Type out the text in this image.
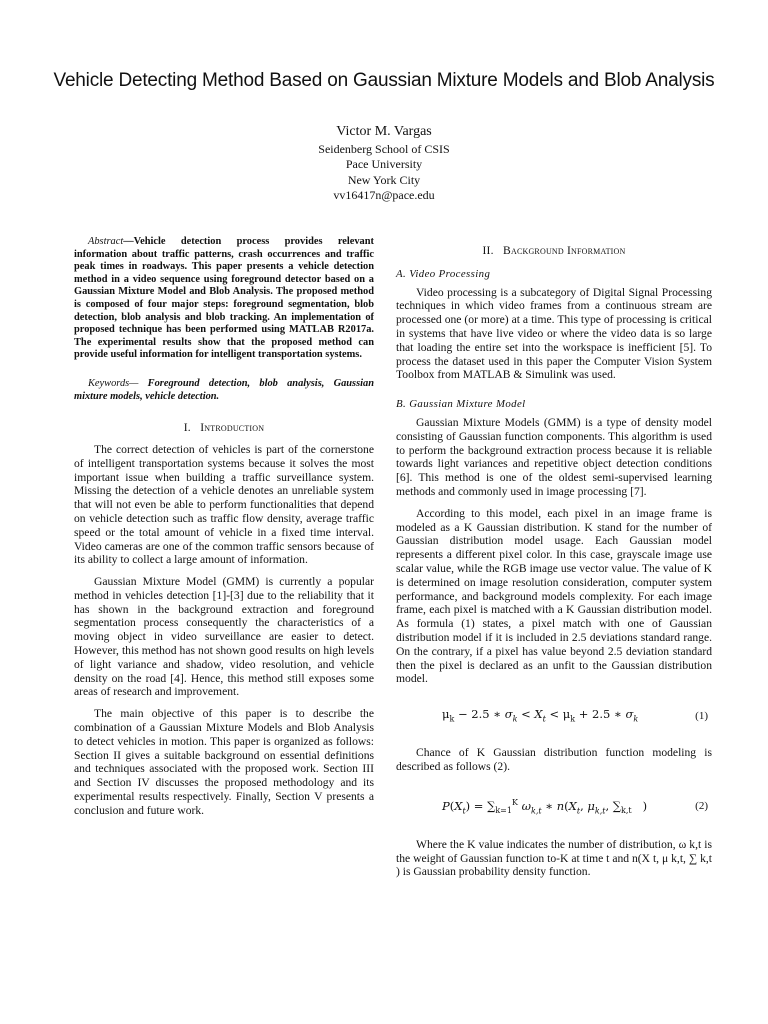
Vehicle Detecting Method Based on Gaussian Mixture Models and Blob Analysis
Victor M. Vargas
Seidenberg School of CSIS
Pace University
New York City
vv16417n@pace.edu

Abstract—Vehicle detection process provides relevant information about traffic patterns, crash occurrences and traffic peak times in roadways. This paper presents a vehicle detection method in a video sequence using foreground detector based on a Gaussian Mixture Model and Blob Analysis. The proposed method is composed of four major steps: foreground segmentation, blob detection, blob analysis and blob tracking. An implementation of proposed technique has been performed using MATLAB R2017a. The experimental results show that the proposed method can provide useful information for intelligent transportation systems.

Keywords— Foreground detection, blob analysis, Gaussian mixture models, vehicle detection.

I. Introduction

The correct detection of vehicles is part of the cornerstone of intelligent transportation systems because it solves the most important issue when building a traffic surveillance system. Missing the detection of a vehicle denotes an unreliable system that will not even be able to perform functionalities that depend on vehicle detection such as traffic flow density, average traffic speed or the total amount of vehicle in a fixed time interval. Video cameras are one of the common traffic sensors because of its ability to collect a large amount of information.

Gaussian Mixture Model (GMM) is currently a popular method in vehicles detection [1]-[3] due to the reliability that it has shown in the background extraction and foreground segmentation process consequently the characteristics of a moving object in video surveillance are easier to detect. However, this method has not shown good results on high levels of light variance and shadow, video resolution, and vehicle density on the road [4]. Hence, this method still exposes some areas of research and improvement.

The main objective of this paper is to describe the combination of a Gaussian Mixture Models and Blob Analysis to detect vehicles in motion. This paper is organized as follows: Section II gives a suitable background on essential definitions and techniques associated with the proposed work. Section III and Section IV discusses the proposed methodology and its experimental results respectively. Finally, Section V presents a conclusion and future work.

II. Background Information
A. Video Processing

Video processing is a subcategory of Digital Signal Processing techniques in which video frames from a continuous stream are processed one (or more) at a time. This type of processing is critical in systems that have live video or where the video data is so large that loading the entire set into the workspace is inefficient [5]. To process the dataset used in this paper the Computer Vision System Toolbox from MATLAB & Simulink was used.

B. Gaussian Mixture Model

Gaussian Mixture Models (GMM) is a type of density model consisting of Gaussian function components. This algorithm is used to perform the background extraction process because it is reliable towards light variances and repetitive object detection conditions [6]. This method is one of the oldest semi-supervised learning methods and commonly used in image processing [7].

According to this model, each pixel in an image frame is modeled as a K Gaussian distribution. K stand for the number of Gaussian distribution model usage. Each Gaussian model represents a different pixel color. In this case, grayscale image use scalar value, while the RGB image use vector value. The value of K is determined on image resolution consideration, computer system performance, and background models complexity. For each image frame, each pixel is matched with a K Gaussian distribution model. As formula (1) states, a pixel match with one of Gaussian distribution model if it is included in 2.5 deviations standard range. On the contrary, if a pixel has value beyond 2.5 deviation standard then the pixel is declared as an unfit to the Gaussian distribution model.

$\mu_k - 2.5$ ∗ $\sigma_k < X_t < \mu_k + 2.5$ ∗ $\sigma_k$	(1)

Chance of K Gaussian distribution function modeling is described as follows (2).

$P(X_t) = \sum_{k=1}^K$ $\omega_{k,t}$ ∗ $n(X_t$, $\mu_{k,t}$, $\sum_{k,t}$   )	(2)

Where the K value indicates the number of distribution, ω k,t is the weight of Gaussian function to-K at time t and n(X t, μ k,t, ∑ k,t ) is Gaussian probability density function.
